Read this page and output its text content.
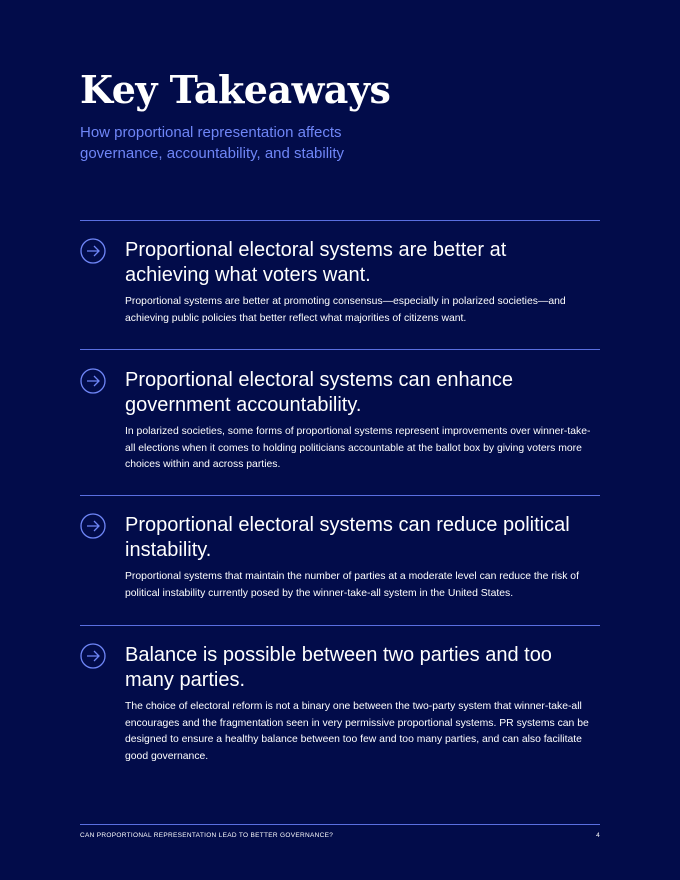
Key Takeaways

How proportional representation affects governance, accountability, and stability

Proportional electoral systems are better at achieving what voters want.

Proportional systems are better at promoting consensus—especially in polarized societies—and achieving public policies that better reflect what majorities of citizens want.

Proportional electoral systems can enhance government accountability.

In polarized societies, some forms of proportional systems represent improvements over winner-take-all elections when it comes to holding politicians accountable at the ballot box by giving voters more choices within and across parties.

Proportional electoral systems can reduce political instability.

Proportional systems that maintain the number of parties at a moderate level can reduce the risk of political instability currently posed by the winner-take-all system in the United States.

Balance is possible between two parties and too many parties.

The choice of electoral reform is not a binary one between the two-party system that winner-take-all encourages and the fragmentation seen in very permissive proportional systems. PR systems can be designed to ensure a healthy balance between too few and too many parties, and can also facilitate good governance.

CAN PROPORTIONAL REPRESENTATION LEAD TO BETTER GOVERNANCE?	4
